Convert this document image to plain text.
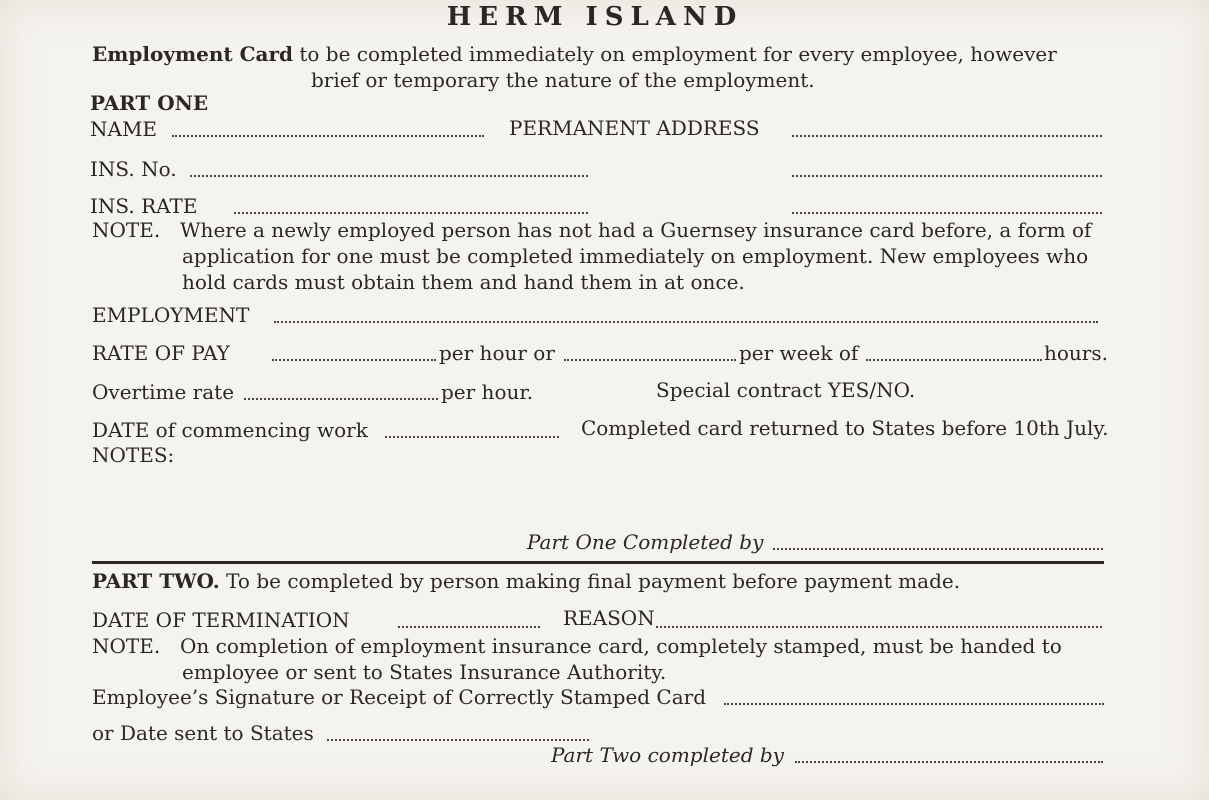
HERM ISLAND
Employment Card to be completed immediately on employment for every employee, however
brief or temporary the nature of the employment.
PART ONE
NAME	PERMANENT ADDRESS
INS. No.
INS. RATE
NOTE. Where a newly employed person has not had a Guernsey insurance card before, a form of
application for one must be completed immediately on employment. New employees who
hold cards must obtain them and hand them in at once.
EMPLOYMENT
RATE OF PAY	per hour or	per week of	hours.
Overtime rate	per hour.	Special contract YES/NO.
DATE of commencing work	Completed card returned to States before 10th July.
NOTES:
Part One Completed by
PART TWO. To be completed by person making final payment before payment made.
DATE OF TERMINATION	REASON
NOTE. On completion of employment insurance card, completely stamped, must be handed to
employee or sent to States Insurance Authority.
Employee’s Signature or Receipt of Correctly Stamped Card
or Date sent to States
Part Two completed by
